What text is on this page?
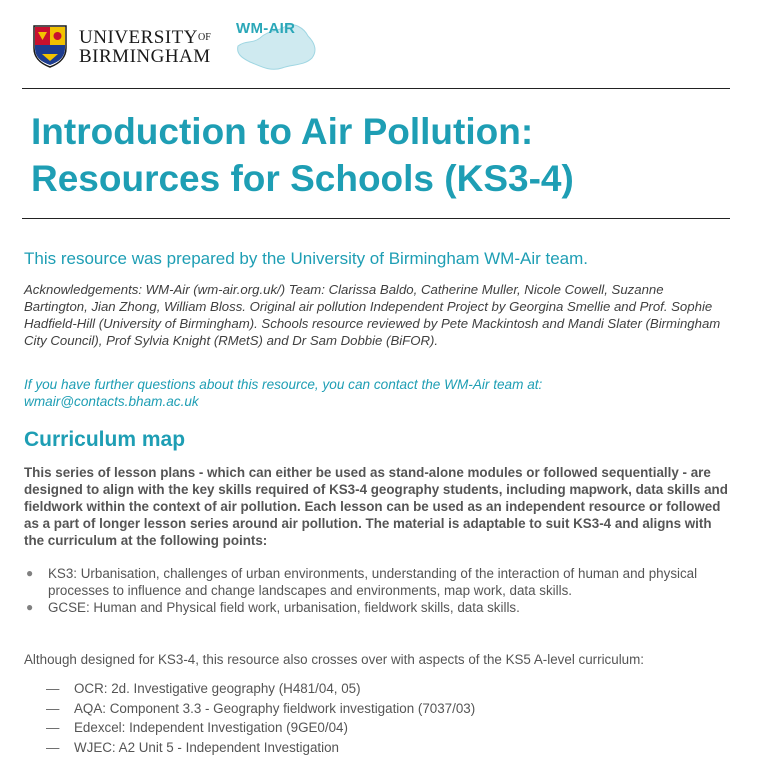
$UNIVERSITY^{OF}$
BIRMINGHAM
WM-AIR
Introduction to Air Pollution:
Resources for Schools (KS3-4)

This resource was prepared by the University of Birmingham WM-Air team.

Acknowledgements: WM-Air (wm-air.org.uk/) Team: Clarissa Baldo, Catherine Muller, Nicole Cowell, Suzanne Bartington, Jian Zhong, William Bloss. Original air pollution Independent Project by Georgina Smellie and Prof. Sophie Hadfield-Hill (University of Birmingham). Schools resource reviewed by Pete Mackintosh and Mandi Slater (Birmingham City Council), Prof Sylvia Knight (RMetS) and Dr Sam Dobbie (BiFOR).

If you have further questions about this resource, you can contact the WM-Air team at:
wmair@contacts.bham.ac.uk

Curriculum map

This series of lesson plans - which can either be used as stand-alone modules or followed sequentially - are designed to align with the key skills required of KS3-4 geography students, including mapwork, data skills and fieldwork within the context of air pollution. Each lesson can be used as an independent resource or followed as a part of longer lesson series around air pollution. The material is adaptable to suit KS3-4 and aligns with the curriculum at the following points:

● KS3: Urbanisation, challenges of urban environments, understanding of the interaction of human and physical processes to influence and change landscapes and environments, map work, data skills.
● GCSE: Human and Physical field work, urbanisation, fieldwork skills, data skills.

Although designed for KS3-4, this resource also crosses over with aspects of the KS5 A-level curriculum:

— OCR: 2d. Investigative geography (H481/04, 05)
— AQA: Component 3.3 - Geography fieldwork investigation (7037/03)
— Edexcel: Independent Investigation (9GE0/04)
— WJEC: A2 Unit 5 - Independent Investigation
